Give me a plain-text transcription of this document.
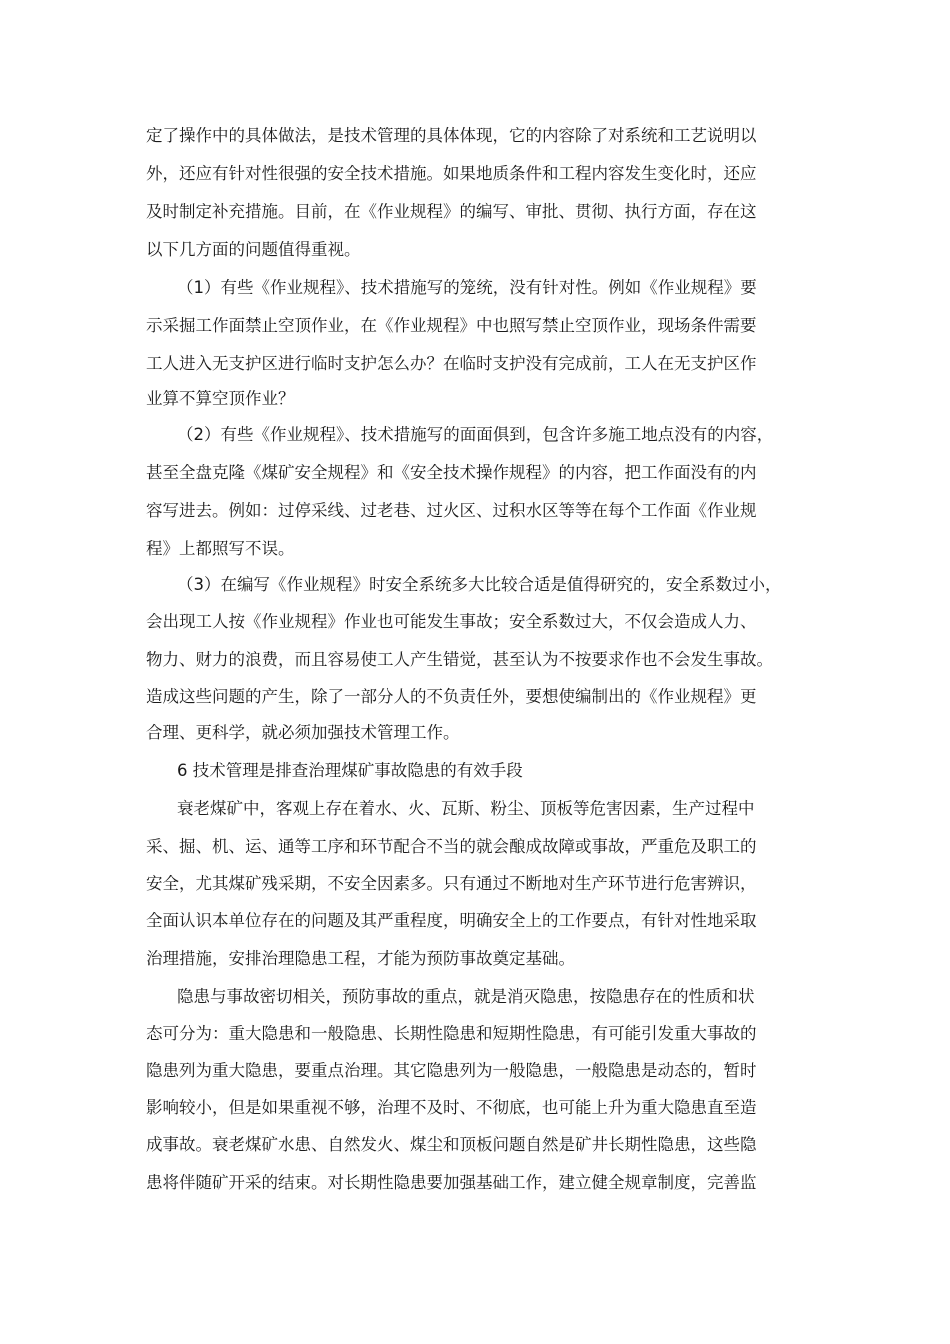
定了操作中的具体做法，是技术管理的具体体现，它的内容除了对系统和工艺说明以
外，还应有针对性很强的安全技术措施。如果地质条件和工程内容发生变化时，还应
及时制定补充措施。目前，在《作业规程》的编写、审批、贯彻、执行方面，存在这
以下几方面的问题值得重视。
（1）有些《作业规程》、技术措施写的笼统，没有针对性。例如《作业规程》要
示采掘工作面禁止空顶作业，在《作业规程》中也照写禁止空顶作业，现场条件需要
工人进入无支护区进行临时支护怎么办？在临时支护没有完成前，工人在无支护区作
业算不算空顶作业？
（2）有些《作业规程》、技术措施写的面面俱到，包含许多施工地点没有的内容，
甚至全盘克隆《煤矿安全规程》和《安全技术操作规程》的内容，把工作面没有的内
容写进去。例如：过停采线、过老巷、过火区、过积水区等等在每个工作面《作业规
程》上都照写不误。
（3）在编写《作业规程》时安全系统多大比较合适是值得研究的，安全系数过小，
会出现工人按《作业规程》作业也可能发生事故；安全系数过大，不仅会造成人力、
物力、财力的浪费，而且容易使工人产生错觉，甚至认为不按要求作也不会发生事故。
造成这些问题的产生，除了一部分人的不负责任外，要想使编制出的《作业规程》更
合理、更科学，就必须加强技术管理工作。
6 技术管理是排查治理煤矿事故隐患的有效手段
衰老煤矿中，客观上存在着水、火、瓦斯、粉尘、顶板等危害因素，生产过程中
采、掘、机、运、通等工序和环节配合不当的就会酿成故障或事故，严重危及职工的
安全，尤其煤矿残采期，不安全因素多。只有通过不断地对生产环节进行危害辨识，
全面认识本单位存在的问题及其严重程度，明确安全上的工作要点，有针对性地采取
治理措施，安排治理隐患工程，才能为预防事故奠定基础。
隐患与事故密切相关，预防事故的重点，就是消灭隐患，按隐患存在的性质和状
态可分为：重大隐患和一般隐患、长期性隐患和短期性隐患，有可能引发重大事故的
隐患列为重大隐患，要重点治理。其它隐患列为一般隐患，一般隐患是动态的，暂时
影响较小，但是如果重视不够，治理不及时、不彻底，也可能上升为重大隐患直至造
成事故。衰老煤矿水患、自然发火、煤尘和顶板问题自然是矿井长期性隐患，这些隐
患将伴随矿开采的结束。对长期性隐患要加强基础工作，建立健全规章制度，完善监
